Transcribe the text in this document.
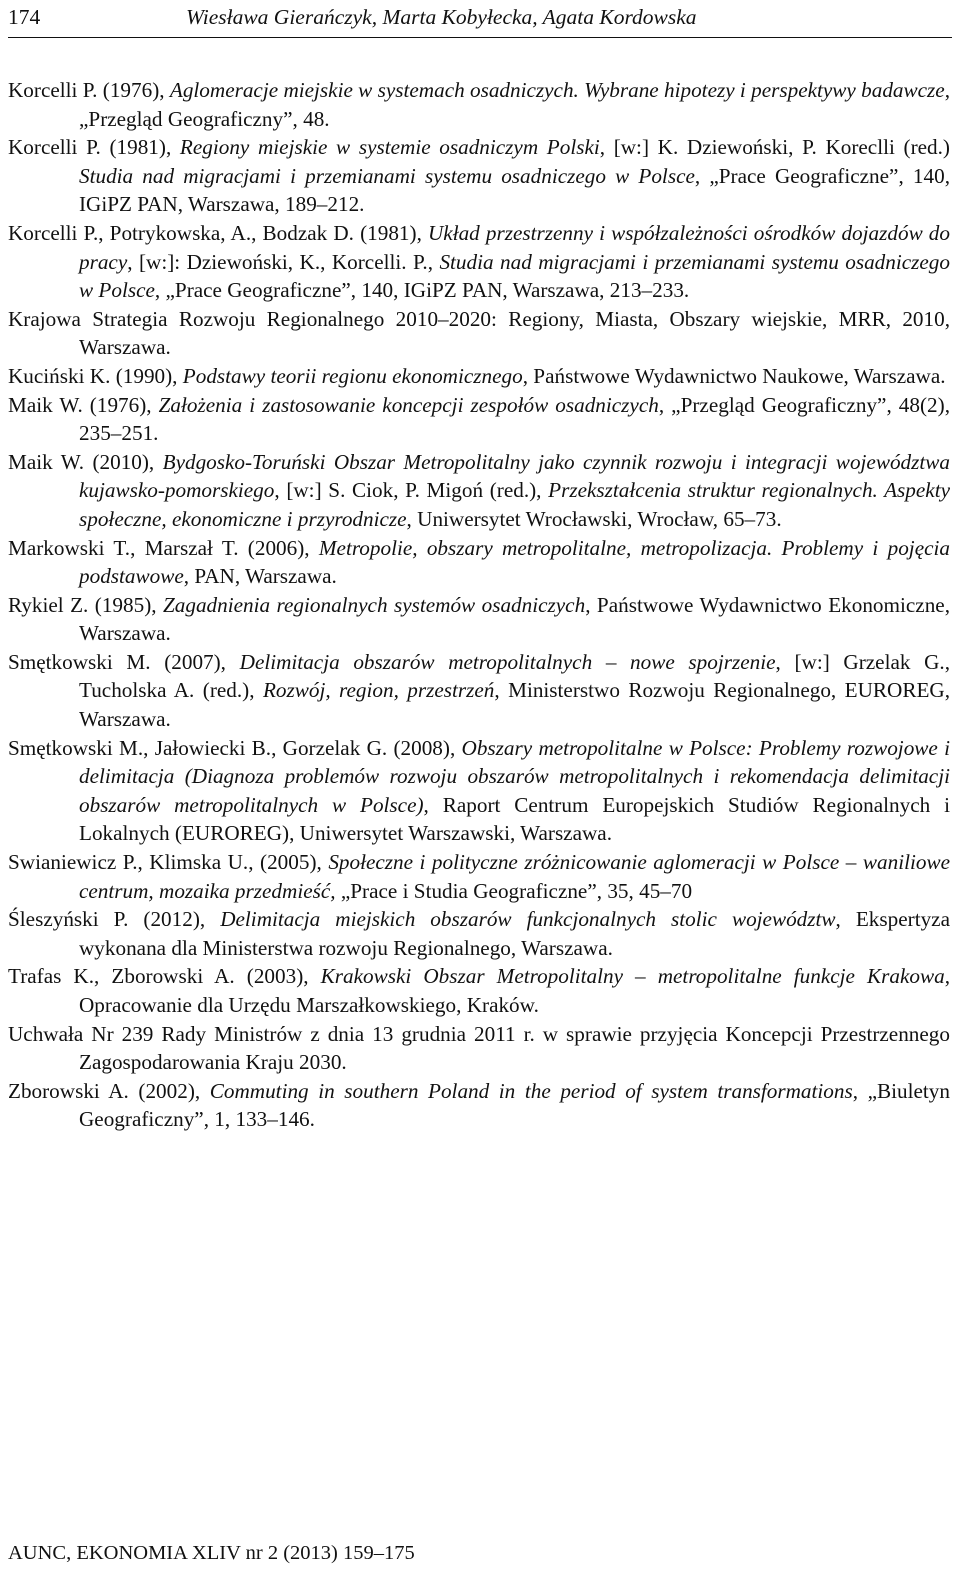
174	Wiesława Gierańczyk, Marta Kobyłecka, Agata Kordowska
Korcelli P. (1976), Aglomeracje miejskie w systemach osadniczych. Wybrane hipotezy i perspektywy badawcze, „Przegląd Geograficzny”, 48.
Korcelli P. (1981), Regiony miejskie w systemie osadniczym Polski, [w:] K. Dziewoński, P. Koreclli (red.) Studia nad migracjami i przemianami systemu osadniczego w Polsce, „Prace Geograficzne”, 140, IGiPZ PAN, Warszawa, 189–212.
Korcelli P., Potrykowska, A., Bodzak D. (1981), Układ przestrzenny i współzależności ośrodków dojazdów do pracy, [w:]: Dziewoński, K., Korcelli. P., Studia nad migracjami i przemianami systemu osadniczego w Polsce, „Prace Geograficzne”, 140, IGiPZ PAN, Warszawa, 213–233.
Krajowa Strategia Rozwoju Regionalnego 2010–2020: Regiony, Miasta, Obszary wiejskie, MRR, 2010, Warszawa.
Kuciński K. (1990), Podstawy teorii regionu ekonomicznego, Państwowe Wydawnictwo Naukowe, Warszawa.
Maik W. (1976), Założenia i zastosowanie koncepcji zespołów osadniczych, „Przegląd Geograficzny”, 48(2), 235–251.
Maik W. (2010), Bydgosko-Toruński Obszar Metropolitalny jako czynnik rozwoju i integracji województwa kujawsko-pomorskiego, [w:] S. Ciok, P. Migoń (red.), Przekształcenia struktur regionalnych. Aspekty społeczne, ekonomiczne i przyrodnicze, Uniwersytet Wrocławski, Wrocław, 65–73.
Markowski T., Marszał T. (2006), Metropolie, obszary metropolitalne, metropolizacja. Problemy i pojęcia podstawowe, PAN, Warszawa.
Rykiel Z. (1985), Zagadnienia regionalnych systemów osadniczych, Państwowe Wydawnictwo Ekonomiczne, Warszawa.
Smętkowski M. (2007), Delimitacja obszarów metropolitalnych – nowe spojrzenie, [w:] Grzelak G., Tucholska A. (red.), Rozwój, region, przestrzeń, Ministerstwo Rozwoju Regionalnego, EUROREG, Warszawa.
Smętkowski M., Jałowiecki B., Gorzelak G. (2008), Obszary metropolitalne w Polsce: Problemy rozwojowe i delimitacja (Diagnoza problemów rozwoju obszarów metropolitalnych i rekomendacja delimitacji obszarów metropolitalnych w Polsce), Raport Centrum Europejskich Studiów Regionalnych i Lokalnych (EUROREG), Uniwersytet Warszawski, Warszawa.
Swianiewicz P., Klimska U., (2005), Społeczne i polityczne zróżnicowanie aglomeracji w Polsce – waniliowe centrum, mozaika przedmieść, „Prace i Studia Geograficzne”, 35, 45–70
Śleszyński P. (2012), Delimitacja miejskich obszarów funkcjonalnych stolic województw, Ekspertyza wykonana dla Ministerstwa rozwoju Regionalnego, Warszawa.
Trafas K., Zborowski A. (2003), Krakowski Obszar Metropolitalny – metropolitalne funkcje Krakowa, Opracowanie dla Urzędu Marszałkowskiego, Kraków.
Uchwała Nr 239 Rady Ministrów z dnia 13 grudnia 2011 r. w sprawie przyjęcia Koncepcji Przestrzennego Zagospodarowania Kraju 2030.
Zborowski A. (2002), Commuting in southern Poland in the period of system transformations, „Biuletyn Geograficzny”, 1, 133–146.
AUNC, EKONOMIA XLIV nr 2 (2013) 159–175
